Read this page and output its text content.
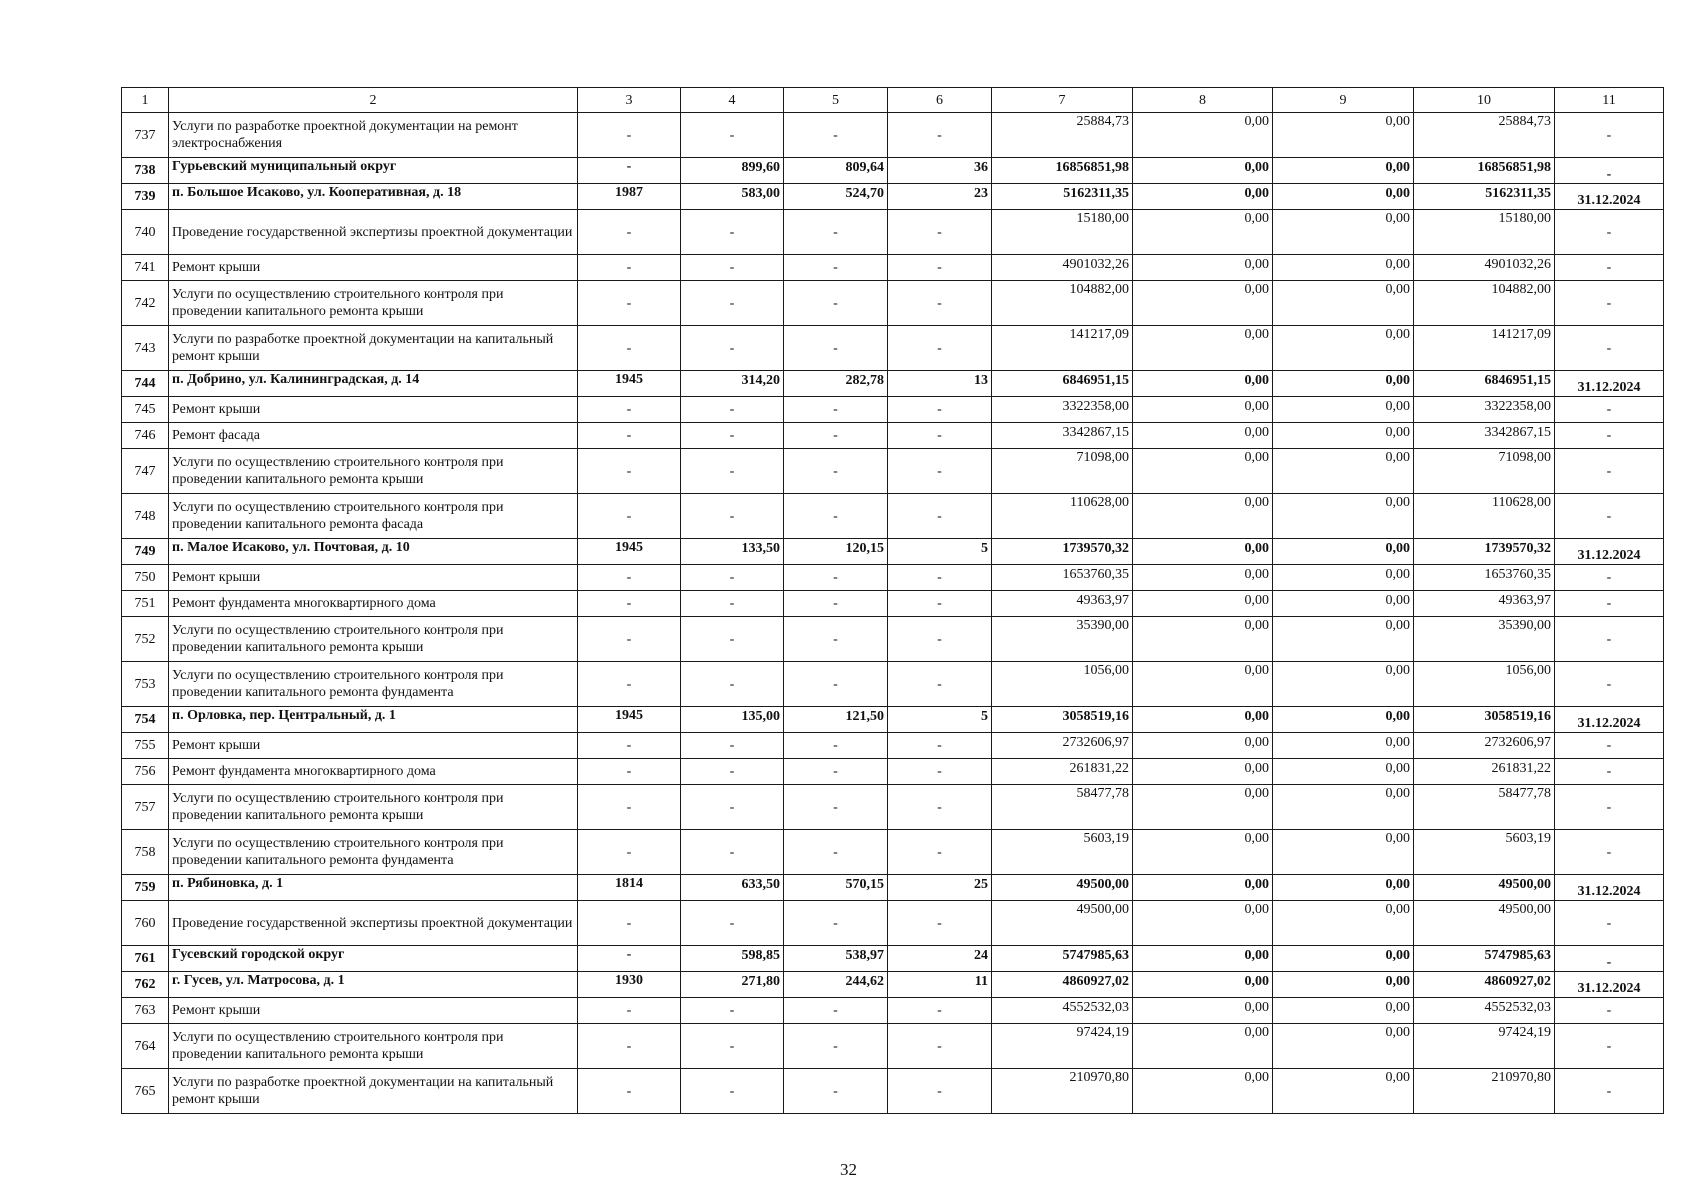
1	2	3	4	5	6	7	8	9	10	11
737	Услуги по разработке проектной документации на ремонт электроснабжения	-	-	-	-	25884,73	0,00	0,00	25884,73	-
738	Гурьевский муниципальный округ	-	899,60	809,64	36	16856851,98	0,00	0,00	16856851,98	-
739	п. Большое Исаково, ул. Кооперативная, д. 18	1987	583,00	524,70	23	5162311,35	0,00	0,00	5162311,35	31.12.2024
740	Проведение государственной экспертизы проектной документации	-	-	-	-	15180,00	0,00	0,00	15180,00	-
741	Ремонт крыши	-	-	-	-	4901032,26	0,00	0,00	4901032,26	-
742	Услуги по осуществлению строительного контроля при проведении капитального ремонта крыши	-	-	-	-	104882,00	0,00	0,00	104882,00	-
743	Услуги по разработке проектной документации на капитальный ремонт крыши	-	-	-	-	141217,09	0,00	0,00	141217,09	-
744	п. Добрино, ул. Калининградская, д. 14	1945	314,20	282,78	13	6846951,15	0,00	0,00	6846951,15	31.12.2024
745	Ремонт крыши	-	-	-	-	3322358,00	0,00	0,00	3322358,00	-
746	Ремонт фасада	-	-	-	-	3342867,15	0,00	0,00	3342867,15	-
747	Услуги по осуществлению строительного контроля при проведении капитального ремонта крыши	-	-	-	-	71098,00	0,00	0,00	71098,00	-
748	Услуги по осуществлению строительного контроля при проведении капитального ремонта фасада	-	-	-	-	110628,00	0,00	0,00	110628,00	-
749	п. Малое Исаково, ул. Почтовая, д. 10	1945	133,50	120,15	5	1739570,32	0,00	0,00	1739570,32	31.12.2024
750	Ремонт крыши	-	-	-	-	1653760,35	0,00	0,00	1653760,35	-
751	Ремонт фундамента многоквартирного дома	-	-	-	-	49363,97	0,00	0,00	49363,97	-
752	Услуги по осуществлению строительного контроля при проведении капитального ремонта крыши	-	-	-	-	35390,00	0,00	0,00	35390,00	-
753	Услуги по осуществлению строительного контроля при проведении капитального ремонта фундамента	-	-	-	-	1056,00	0,00	0,00	1056,00	-
754	п. Орловка, пер. Центральный, д. 1	1945	135,00	121,50	5	3058519,16	0,00	0,00	3058519,16	31.12.2024
755	Ремонт крыши	-	-	-	-	2732606,97	0,00	0,00	2732606,97	-
756	Ремонт фундамента многоквартирного дома	-	-	-	-	261831,22	0,00	0,00	261831,22	-
757	Услуги по осуществлению строительного контроля при проведении капитального ремонта крыши	-	-	-	-	58477,78	0,00	0,00	58477,78	-
758	Услуги по осуществлению строительного контроля при проведении капитального ремонта фундамента	-	-	-	-	5603,19	0,00	0,00	5603,19	-
759	п. Рябиновка, д. 1	1814	633,50	570,15	25	49500,00	0,00	0,00	49500,00	31.12.2024
760	Проведение государственной экспертизы проектной документации	-	-	-	-	49500,00	0,00	0,00	49500,00	-
761	Гусевский городской округ	-	598,85	538,97	24	5747985,63	0,00	0,00	5747985,63	-
762	г. Гусев, ул. Матросова, д. 1	1930	271,80	244,62	11	4860927,02	0,00	0,00	4860927,02	31.12.2024
763	Ремонт крыши	-	-	-	-	4552532,03	0,00	0,00	4552532,03	-
764	Услуги по осуществлению строительного контроля при проведении капитального ремонта крыши	-	-	-	-	97424,19	0,00	0,00	97424,19	-
765	Услуги по разработке проектной документации на капитальный ремонт крыши	-	-	-	-	210970,80	0,00	0,00	210970,80	-
32
